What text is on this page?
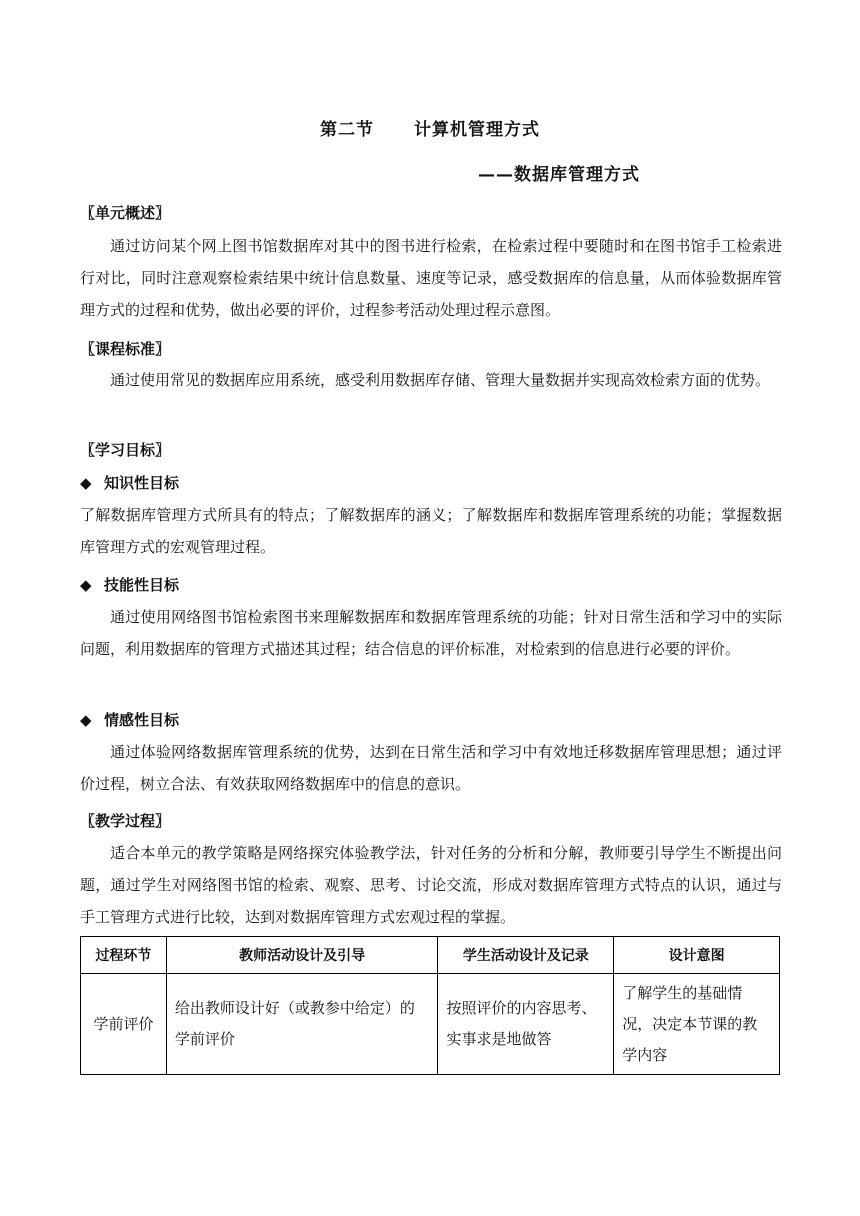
第二节 计算机管理方式
——数据库管理方式
〖单元概述〗
通过访问某个网上图书馆数据库对其中的图书进行检索，在检索过程中要随时和在图书馆手工检索进行对比，同时注意观察检索结果中统计信息数量、速度等记录，感受数据库的信息量，从而体验数据库管理方式的过程和优势，做出必要的评价，过程参考活动处理过程示意图。
〖课程标准〗
通过使用常见的数据库应用系统，感受利用数据库存储、管理大量数据并实现高效检索方面的优势。
〖学习目标〗
◆ 知识性目标
了解数据库管理方式所具有的特点；了解数据库的涵义；了解数据库和数据库管理系统的功能；掌握数据库管理方式的宏观管理过程。
◆ 技能性目标
通过使用网络图书馆检索图书来理解数据库和数据库管理系统的功能；针对日常生活和学习中的实际问题，利用数据库的管理方式描述其过程；结合信息的评价标准，对检索到的信息进行必要的评价。
◆ 情感性目标
通过体验网络数据库管理系统的优势，达到在日常生活和学习中有效地迁移数据库管理思想；通过评价过程，树立合法、有效获取网络数据库中的信息的意识。
〖教学过程〗
适合本单元的教学策略是网络探究体验教学法，针对任务的分析和分解，教师要引导学生不断提出问题，通过学生对网络图书馆的检索、观察、思考、讨论交流，形成对数据库管理方式特点的认识，通过与手工管理方式进行比较，达到对数据库管理方式宏观过程的掌握。
过程环节	教师活动设计及引导	学生活动设计及记录	设计意图
学前评价	给出教师设计好（或教参中给定）的学前评价	按照评价的内容思考、实事求是地做答	了解学生的基础情况，决定本节课的教学内容
